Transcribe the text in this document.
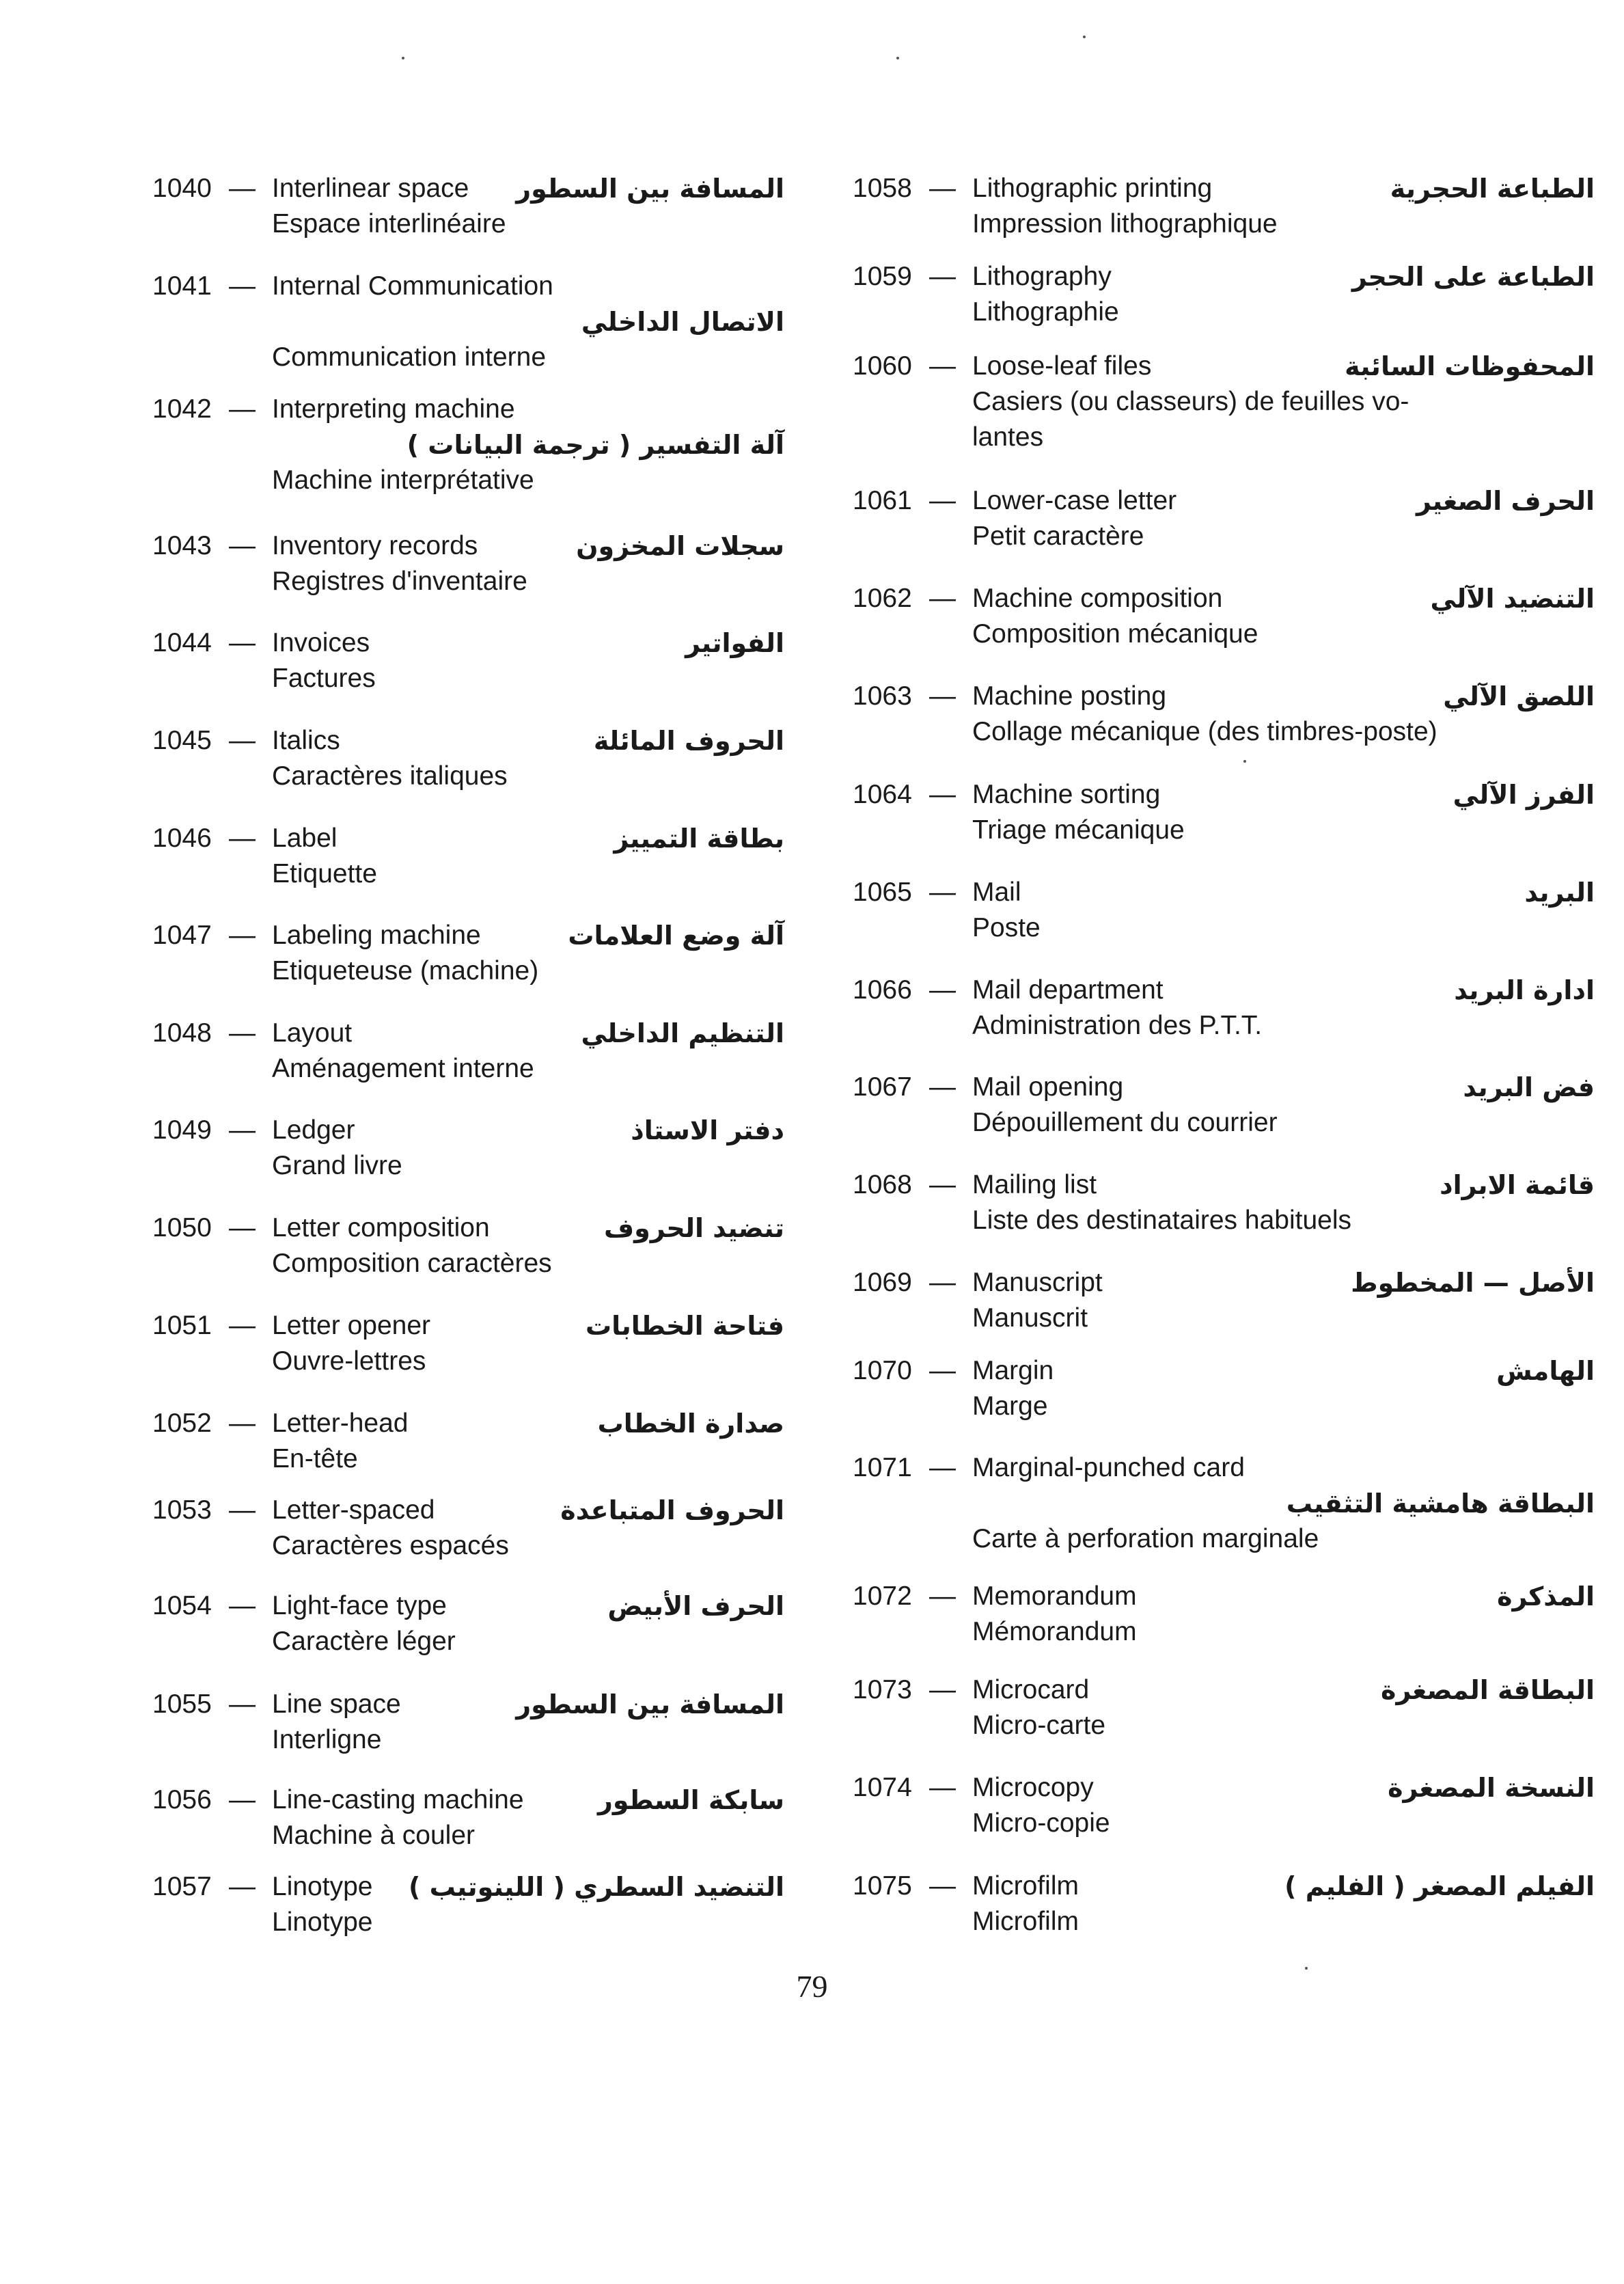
1040 — Interlinear space المسافة بين السطور
Espace interlinéaire
1041 — Internal Communication
الاتصال الداخلي
Communication interne
1042 — Interpreting machine
آلة التفسير ( ترجمة البيانات )
Machine interprétative
1043 — Inventory records	سجلات المخزون
Registres d'inventaire
1044 — Invoices	الفواتير
Factures
1045 — Italics	الحروف المائلة
Caractères italiques
1046 — Label	بطاقة التمييز
Etiquette
1047 — Labeling machine	آلة وضع العلامات
Etiqueteuse (machine)
1048 — Layout	التنظيم الداخلي
Aménagement interne
1049 — Ledger	دفتر الاستاذ
Grand livre
1050 — Letter composition	تنضيد الحروف
Composition caractères
1051 — Letter opener	فتاحة الخطابات
Ouvre-lettres
1052 — Letter-head	صدارة الخطاب
En-tête
1053 — Letter-spaced	الحروف المتباعدة
Caractères espacés
1054 — Light-face type	الحرف الأبيض
Caractère léger
1055 — Line space	المسافة بين السطور
Interligne
1056 — Line-casting machine	سابكة السطور
Machine à couler
1057 — Linotype التنضيد السطري ( اللينوتيب )
Linotype
1058 — Lithographic printing	الطباعة الحجرية
Impression lithographique
1059 — Lithography	الطباعة على الحجر
Lithographie
1060 — Loose-leaf files	المحفوظات السائبة
Casiers (ou classeurs) de feuilles vo-
lantes
1061 — Lower-case letter	الحرف الصغير
Petit caractère
1062 — Machine composition	التنضيد الآلي
Composition mécanique
1063 — Machine posting	اللصق الآلي
Collage mécanique (des timbres-poste)
1064 — Machine sorting	الفرز الآلي
Triage mécanique
1065 — Mail	البريد
Poste
1066 — Mail department	ادارة البريد
Administration des P.T.T.
1067 — Mail opening	فض البريد
Dépouillement du courrier
1068 — Mailing list	قائمة الابراد
Liste des destinataires habituels
1069 — Manuscript	الأصل — المخطوط
Manuscrit
1070 — Margin	الهامش
Marge
1071 — Marginal-punched card
البطاقة هامشية التثقيب
Carte à perforation marginale
1072 — Memorandum	المذكرة
Mémorandum
1073 — Microcard	البطاقة المصغرة
Micro-carte
1074 — Microcopy	النسخة المصغرة
Micro-copie
1075 — Microfilm	الفيلم المصغر ( الفليم )
Microfilm
79
